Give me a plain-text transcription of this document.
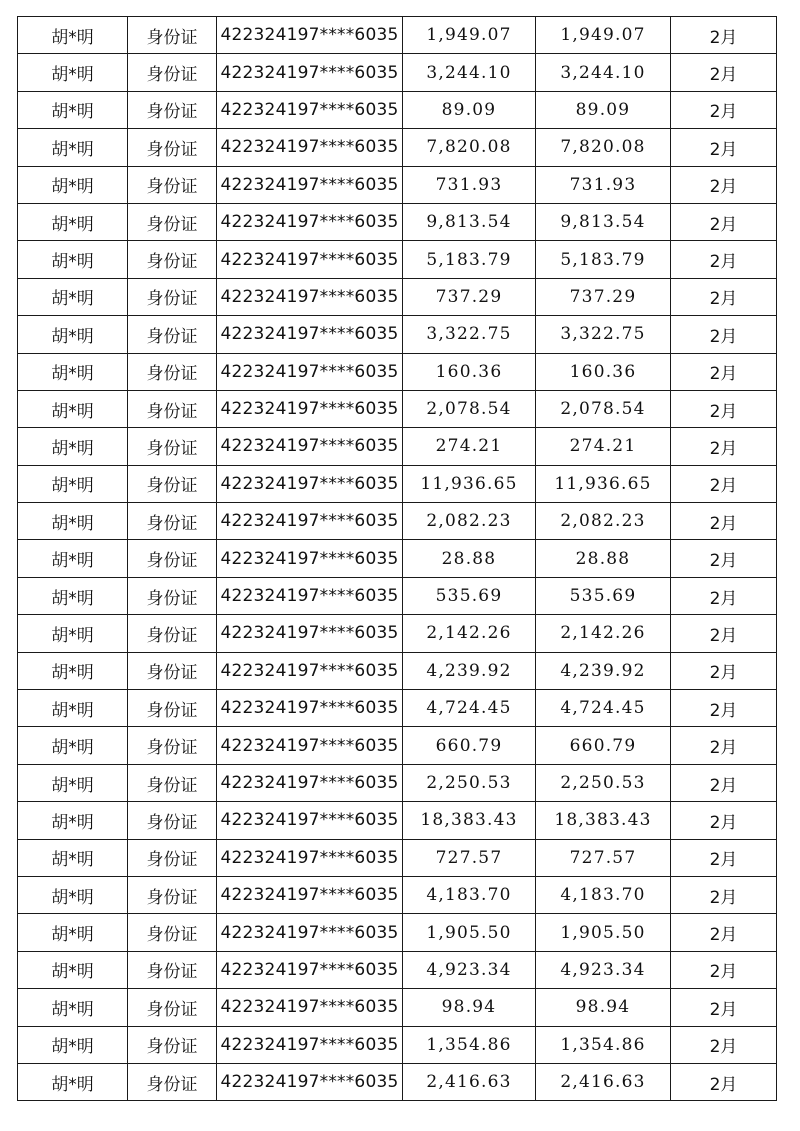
胡*明	身份证	422324197****6035	1,949.07	1,949.07	2月
胡*明	身份证	422324197****6035	3,244.10	3,244.10	2月
胡*明	身份证	422324197****6035	89.09	89.09	2月
胡*明	身份证	422324197****6035	7,820.08	7,820.08	2月
胡*明	身份证	422324197****6035	731.93	731.93	2月
胡*明	身份证	422324197****6035	9,813.54	9,813.54	2月
胡*明	身份证	422324197****6035	5,183.79	5,183.79	2月
胡*明	身份证	422324197****6035	737.29	737.29	2月
胡*明	身份证	422324197****6035	3,322.75	3,322.75	2月
胡*明	身份证	422324197****6035	160.36	160.36	2月
胡*明	身份证	422324197****6035	2,078.54	2,078.54	2月
胡*明	身份证	422324197****6035	274.21	274.21	2月
胡*明	身份证	422324197****6035	11,936.65	11,936.65	2月
胡*明	身份证	422324197****6035	2,082.23	2,082.23	2月
胡*明	身份证	422324197****6035	28.88	28.88	2月
胡*明	身份证	422324197****6035	535.69	535.69	2月
胡*明	身份证	422324197****6035	2,142.26	2,142.26	2月
胡*明	身份证	422324197****6035	4,239.92	4,239.92	2月
胡*明	身份证	422324197****6035	4,724.45	4,724.45	2月
胡*明	身份证	422324197****6035	660.79	660.79	2月
胡*明	身份证	422324197****6035	2,250.53	2,250.53	2月
胡*明	身份证	422324197****6035	18,383.43	18,383.43	2月
胡*明	身份证	422324197****6035	727.57	727.57	2月
胡*明	身份证	422324197****6035	4,183.70	4,183.70	2月
胡*明	身份证	422324197****6035	1,905.50	1,905.50	2月
胡*明	身份证	422324197****6035	4,923.34	4,923.34	2月
胡*明	身份证	422324197****6035	98.94	98.94	2月
胡*明	身份证	422324197****6035	1,354.86	1,354.86	2月
胡*明	身份证	422324197****6035	2,416.63	2,416.63	2月
